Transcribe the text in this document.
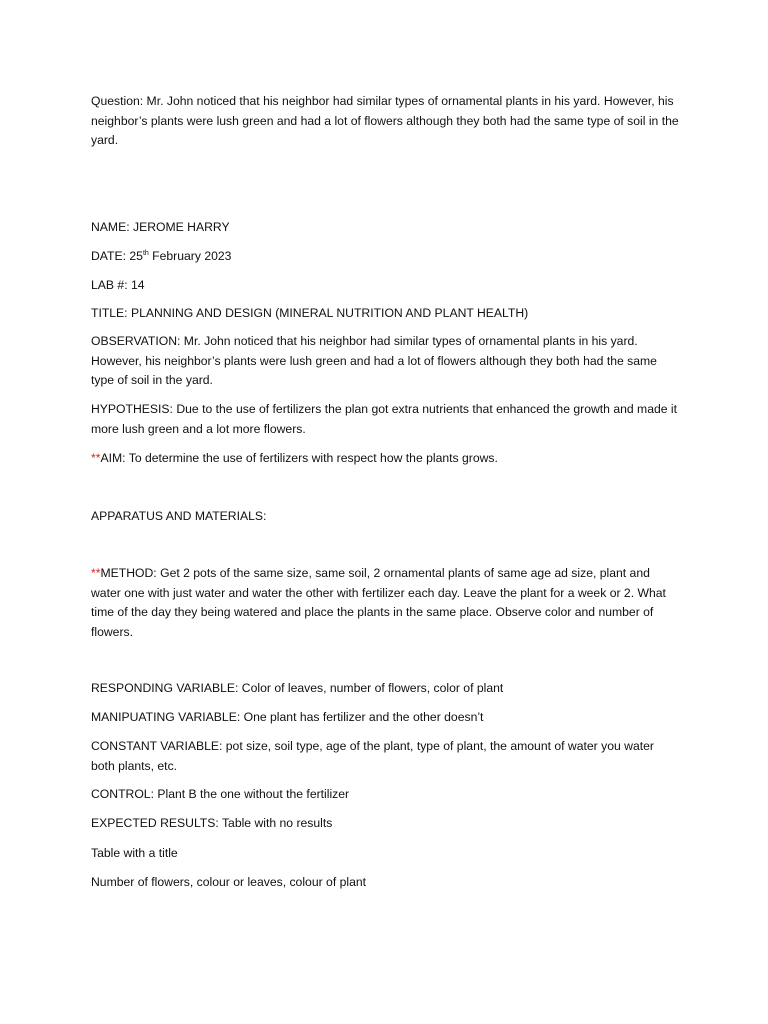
Question: Mr. John noticed that his neighbor had similar types of ornamental plants in his yard. However, his neighbor’s plants were lush green and had a lot of flowers although they both had the same type of soil in the yard.

NAME: JEROME HARRY

DATE: 25th February 2023

LAB #: 14

TITLE: PLANNING AND DESIGN (MINERAL NUTRITION AND PLANT HEALTH)

OBSERVATION: Mr. John noticed that his neighbor had similar types of ornamental plants in his yard. However, his neighbor’s plants were lush green and had a lot of flowers although they both had the same type of soil in the yard.

HYPOTHESIS: Due to the use of fertilizers the plan got extra nutrients that enhanced the growth and made it more lush green and a lot more flowers.

**AIM: To determine the use of fertilizers with respect how the plants grows.

APPARATUS AND MATERIALS:

**METHOD: Get 2 pots of the same size, same soil, 2 ornamental plants of same age ad size, plant and water one with just water and water the other with fertilizer each day. Leave the plant for a week or 2. What time of the day they being watered and place the plants in the same place. Observe color and number of flowers.

RESPONDING VARIABLE: Color of leaves, number of flowers, color of plant

MANIPUATING VARIABLE: One plant has fertilizer and the other doesn’t

CONSTANT VARIABLE: pot size, soil type, age of the plant, type of plant, the amount of water you water both plants, etc.

CONTROL: Plant B the one without the fertilizer

EXPECTED RESULTS: Table with no results

Table with a title

Number of flowers, colour or leaves, colour of plant
